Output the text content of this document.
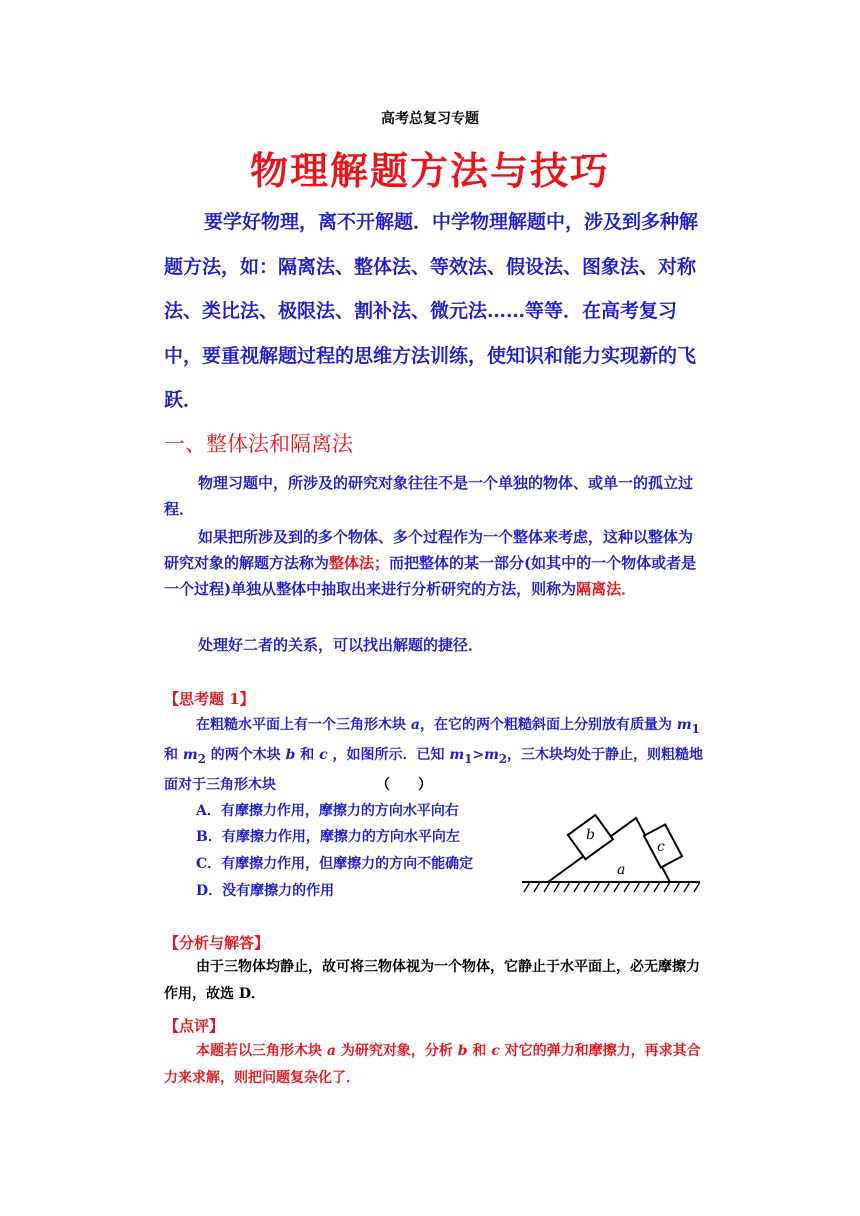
高考总复习专题
物理解题方法与技巧
要学好物理，离不开解题．中学物理解题中，涉及到多种解题方法，如：隔离法、整体法、等效法、假设法、图象法、对称法、类比法、极限法、割补法、微元法……等等．在高考复习中，要重视解题过程的思维方法训练，使知识和能力实现新的飞跃．
一、整体法和隔离法
物理习题中，所涉及的研究对象往往不是一个单独的物体、或单一的孤立过程．
如果把所涉及到的多个物体、多个过程作为一个整体来考虑，这种以整体为研究对象的解题方法称为整体法；而把整体的某一部分(如其中的一个物体或者是一个过程)单独从整体中抽取出来进行分析研究的方法，则称为隔离法．
处理好二者的关系，可以找出解题的捷径．
【思考题 1】
在粗糙水平面上有一个三角形木块 a，在它的两个粗糙斜面上分别放有质量为 $m_1$ 和 $m_2$ 的两个木块 b 和 c ，如图所示．已知 $m_1>m_2$，三木块均处于静止，则粗糙地面对于三角形木块	（　　）
A．有摩擦力作用，摩擦力的方向水平向右
B．有摩擦力作用，摩擦力的方向水平向左
C．有摩擦力作用，但摩擦力的方向不能确定
D．没有摩擦力的作用
a
b
c
【分析与解答】
由于三物体均静止，故可将三物体视为一个物体，它静止于水平面上，必无摩擦力作用，故选 D．
【点评】
本题若以三角形木块 a 为研究对象，分析 b 和 c 对它的弹力和摩擦力，再求其合力来求解，则把问题复杂化了．
